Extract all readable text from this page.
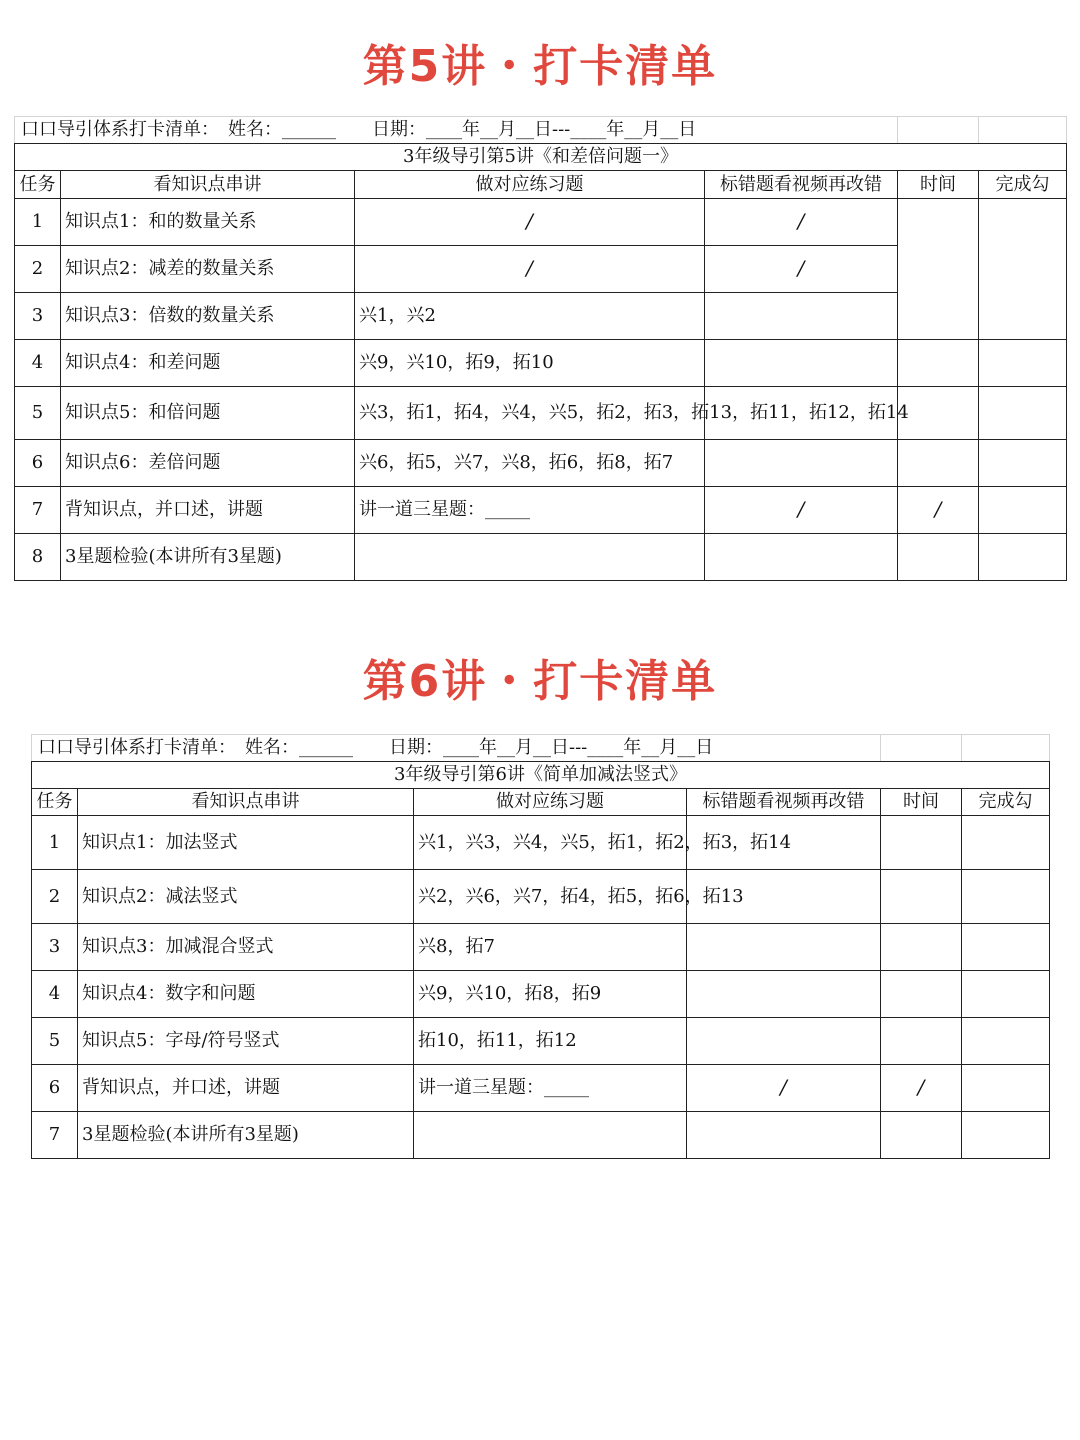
第5讲・打卡清单
口口导引体系打卡清单：　姓名：______　　日期：____年__月__日---____年__月__日					
3年级导引第5讲《和差倍问题一》					
任务	看知识点串讲	做对应练习题	标错题看视频再改错	时间	完成勾
1	知识点1：和的数量关系	/	/		
2	知识点2：减差的数量关系	/	/		
3	知识点3：倍数的数量关系	兴1，兴2			
4	知识点4：和差问题	兴9，兴10，拓9，拓10			
5	知识点5：和倍问题	兴3，拓1，拓4，兴4，兴5，拓2，拓3，拓13，拓11，拓12，拓14			
6	知识点6：差倍问题	兴6，拓5，兴7，兴8，拓6，拓8，拓7			
7	背知识点，并口述，讲题	讲一道三星题：_____	/	/	
8	3星题检验(本讲所有3星题)				
第6讲・打卡清单
口口导引体系打卡清单：　姓名：______　　日期：____年__月__日---____年__月__日					
3年级导引第6讲《简单加减法竖式》					
任务	看知识点串讲	做对应练习题	标错题看视频再改错	时间	完成勾
1	知识点1：加法竖式	兴1，兴3，兴4，兴5，拓1，拓2，拓3，拓14			
2	知识点2：减法竖式	兴2，兴6，兴7，拓4，拓5，拓6，拓13			
3	知识点3：加减混合竖式	兴8，拓7			
4	知识点4：数字和问题	兴9，兴10，拓8，拓9			
5	知识点5：字母/符号竖式	拓10，拓11，拓12			
6	背知识点，并口述，讲题	讲一道三星题：_____	/	/	
7	3星题检验(本讲所有3星题)				
